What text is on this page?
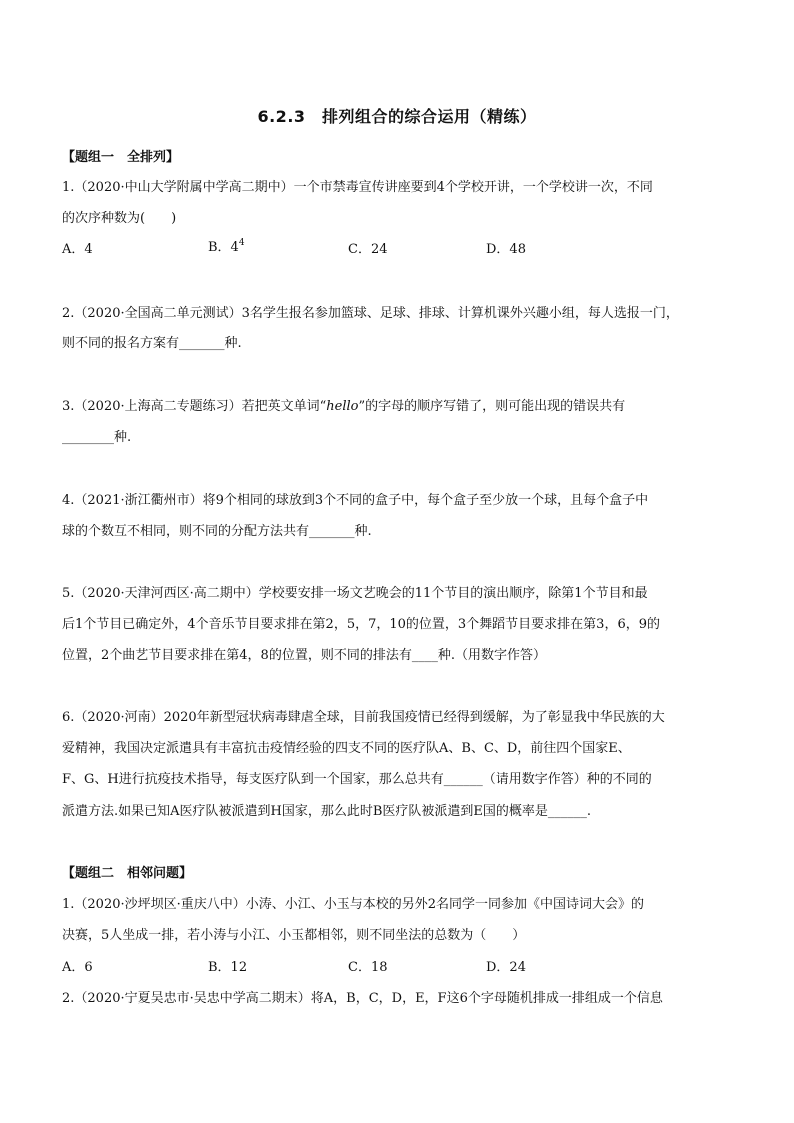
6.2.3　排列组合的综合运用（精练）
【题组一　全排列】
1.（2020·中山大学附属中学高二期中）一个市禁毒宣传讲座要到4个学校开讲，一个学校讲一次，不同
的次序种数为(　　)
A．4	B．$4^4$	C．24	D．48
2.（2020·全国高二单元测试）3名学生报名参加篮球、足球、排球、计算机课外兴趣小组，每人选报一门，
则不同的报名方案有_______种.
3.（2020·上海高二专题练习）若把英文单词“hello”的字母的顺序写错了，则可能出现的错误共有
________种.
4.（2021·浙江衢州市）将9个相同的球放到3个不同的盒子中，每个盒子至少放一个球，且每个盒子中
球的个数互不相同，则不同的分配方法共有_______种.
5.（2020·天津河西区·高二期中）学校要安排一场文艺晚会的11个节目的演出顺序，除第1个节目和最
后1个节目已确定外，4个音乐节目要求排在第2，5，7，10的位置，3个舞蹈节目要求排在第3，6，9的
位置，2个曲艺节目要求排在第4，8的位置，则不同的排法有____种.（用数字作答）
6.（2020·河南）2020年新型冠状病毒肆虐全球，目前我国疫情已经得到缓解，为了彰显我中华民族的大
爱精神，我国决定派遣具有丰富抗击疫情经验的四支不同的医疗队A、B、C、D，前往四个国家E、
F、G、H进行抗疫技术指导，每支医疗队到一个国家，那么总共有______（请用数字作答）种的不同的
派遣方法.如果已知A医疗队被派遣到H国家，那么此时B医疗队被派遣到E国的概率是______.
【题组二　相邻问题】
1.（2020·沙坪坝区·重庆八中）小涛、小江、小玉与本校的另外2名同学一同参加《中国诗词大会》的
决赛，5人坐成一排，若小涛与小江、小玉都相邻，则不同坐法的总数为（　　）
A．6	B．12	C．18	D．24
2.（2020·宁夏吴忠市·吴忠中学高二期末）将A，B，C，D，E，F这6个字母随机排成一排组成一个信息
